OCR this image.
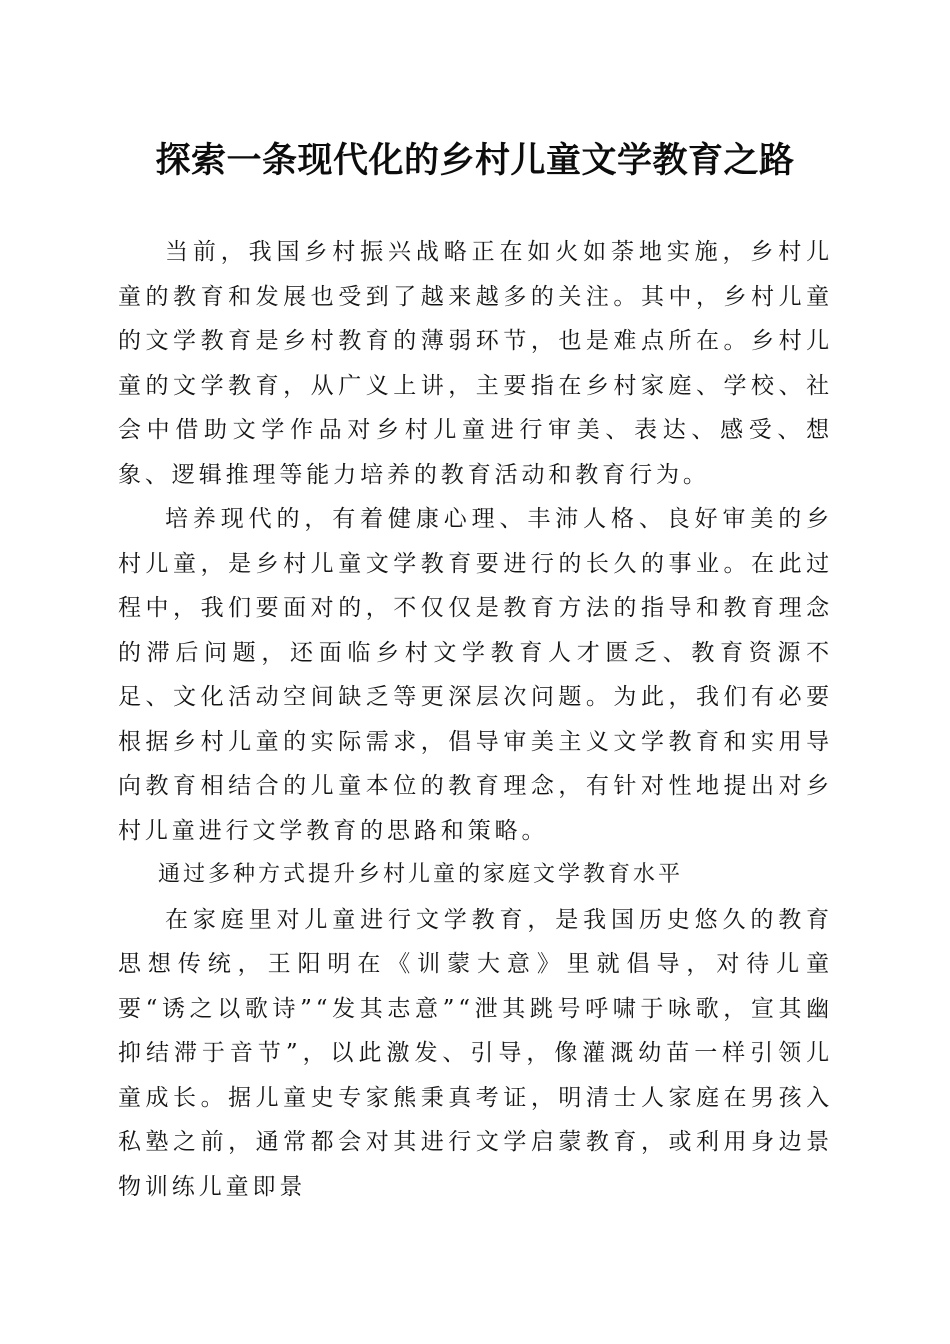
探索一条现代化的乡村儿童文学教育之路

当前，我国乡村振兴战略正在如火如荼地实施，乡村儿童的教育和发展也受到了越来越多的关注。其中，乡村儿童的文学教育是乡村教育的薄弱环节，也是难点所在。乡村儿童的文学教育，从广义上讲，主要指在乡村家庭、学校、社会中借助文学作品对乡村儿童进行审美、表达、感受、想象、逻辑推理等能力培养的教育活动和教育行为。

培养现代的，有着健康心理、丰沛人格、良好审美的乡村儿童，是乡村儿童文学教育要进行的长久的事业。在此过程中，我们要面对的，不仅仅是教育方法的指导和教育理念的滞后问题，还面临乡村文学教育人才匮乏、教育资源不足、文化活动空间缺乏等更深层次问题。为此，我们有必要根据乡村儿童的实际需求，倡导审美主义文学教育和实用导向教育相结合的儿童本位的教育理念，有针对性地提出对乡村儿童进行文学教育的思路和策略。

通过多种方式提升乡村儿童的家庭文学教育水平

在家庭里对儿童进行文学教育，是我国历史悠久的教育思想传统，王阳明在《训蒙大意》里就倡导，对待儿童要“诱之以歌诗”“发其志意”“泄其跳号呼啸于咏歌，宣其幽抑结滞于音节”，以此激发、引导，像灌溉幼苗一样引领儿童成长。据儿童史专家熊秉真考证，明清士人家庭在男孩入私塾之前，通常都会对其进行文学启蒙教育，或利用身边景物训练儿童即景
